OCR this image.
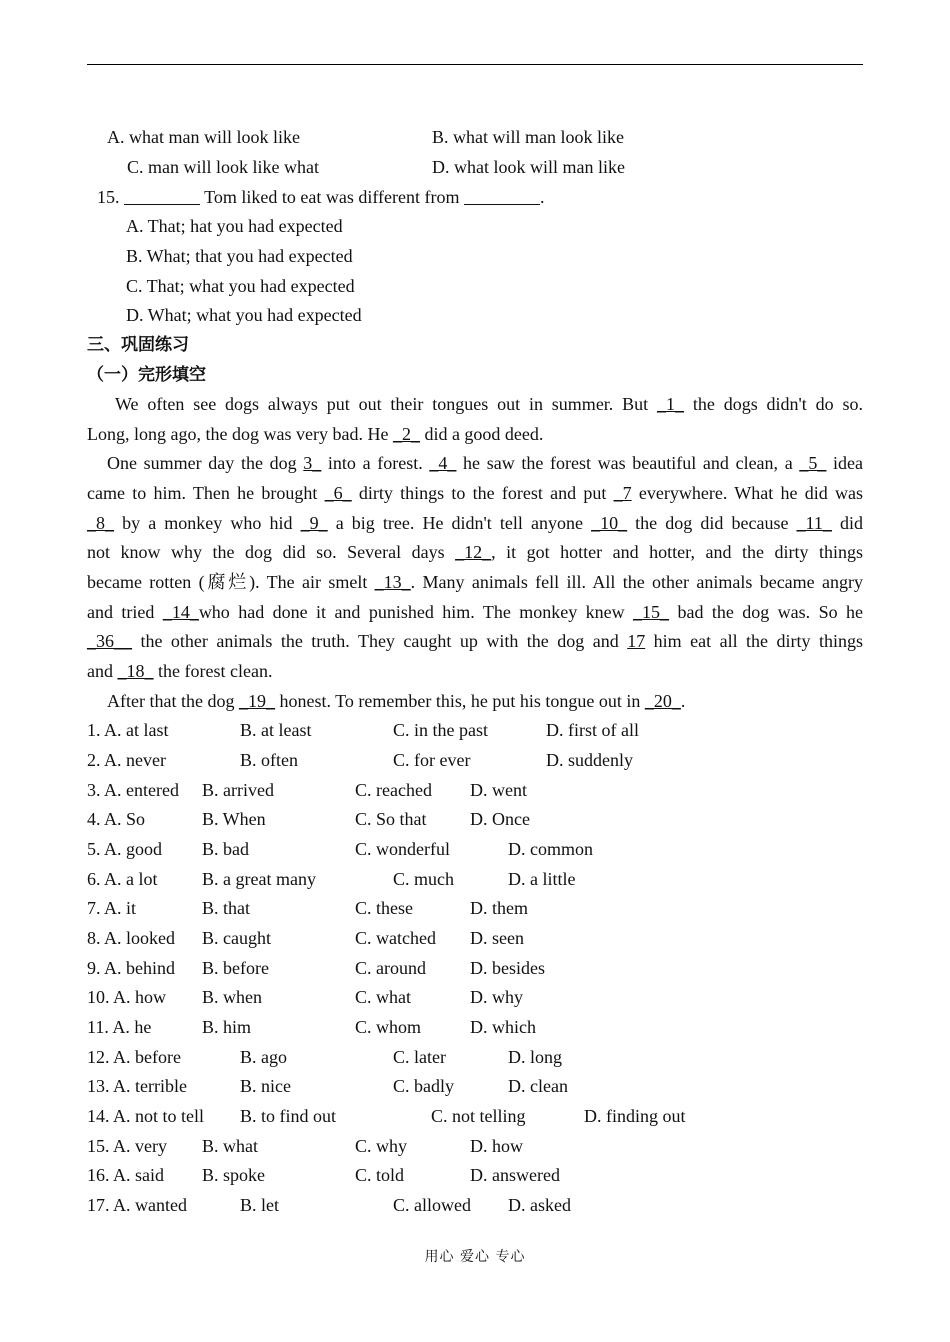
A. what man will look like	B. what will man look like
C. man will look like what	D. what look will man like
15.	Tom liked to eat was different from	.
A. That; hat you had expected
B. What; that you had expected
C. That; what you had expected
D. What; what you had expected
三、巩固练习
（一）完形填空
We often see dogs always put out their tongues out in summer. But _1_ the dogs didn't do so.
Long, long ago, the dog was very bad. He _2_ did a good deed.
One summer day the dog 3_ into a forest. _4_ he saw the forest was beautiful and clean, a _5_ idea
came to him. Then he brought _6_ dirty things to the forest and put _7 everywhere. What he did was
_8_ by a monkey who hid _9_ a big tree. He didn't tell anyone _10_ the dog did because _11_ did
not know why the dog did so. Several days _12_, it got hotter and hotter, and the dirty things
became rotten (腐烂). The air smelt _13_. Many animals fell ill. All the other animals became angry
and tried _14_who had done it and punished him. The monkey knew _15_ bad the dog was. So he
_36__ the other animals the truth. They caught up with the dog and 17 him eat all the dirty things
and _18_ the forest clean.
After that the dog _19_ honest. To remember this, he put his tongue out in _20_.
1. A. at last	B. at least	C. in the past	D. first of all
2. A. never	B. often	C. for ever	D. suddenly
3. A. entered B. arrived	C. reached D. went
4. A. So	B. When	C. So that D. Once
5. A. good B. bad	C. wonderful	D. common
6. A. a lot B. a great many	C. much	D. a little
7. A. it	B. that	C. these	D. them
8. A. looked B. caught	C. watched D. seen
9. A. behind B. before	C. around D. besides
10. A. how B. when	C. what	D. why
11. A. he	B. him	C. whom	D. which
12. A. before	B. ago	C. later	D. long
13. A. terrible	B. nice	C. badly	D. clean
14. A. not to tell B. to find out	C. not telling	D. finding out
15. A. very B. what	C. why	D. how
16. A. said B. spoke	C. told	D. answered
17. A. wanted	B. let	C. allowed D. asked
用心 爱心 专心
